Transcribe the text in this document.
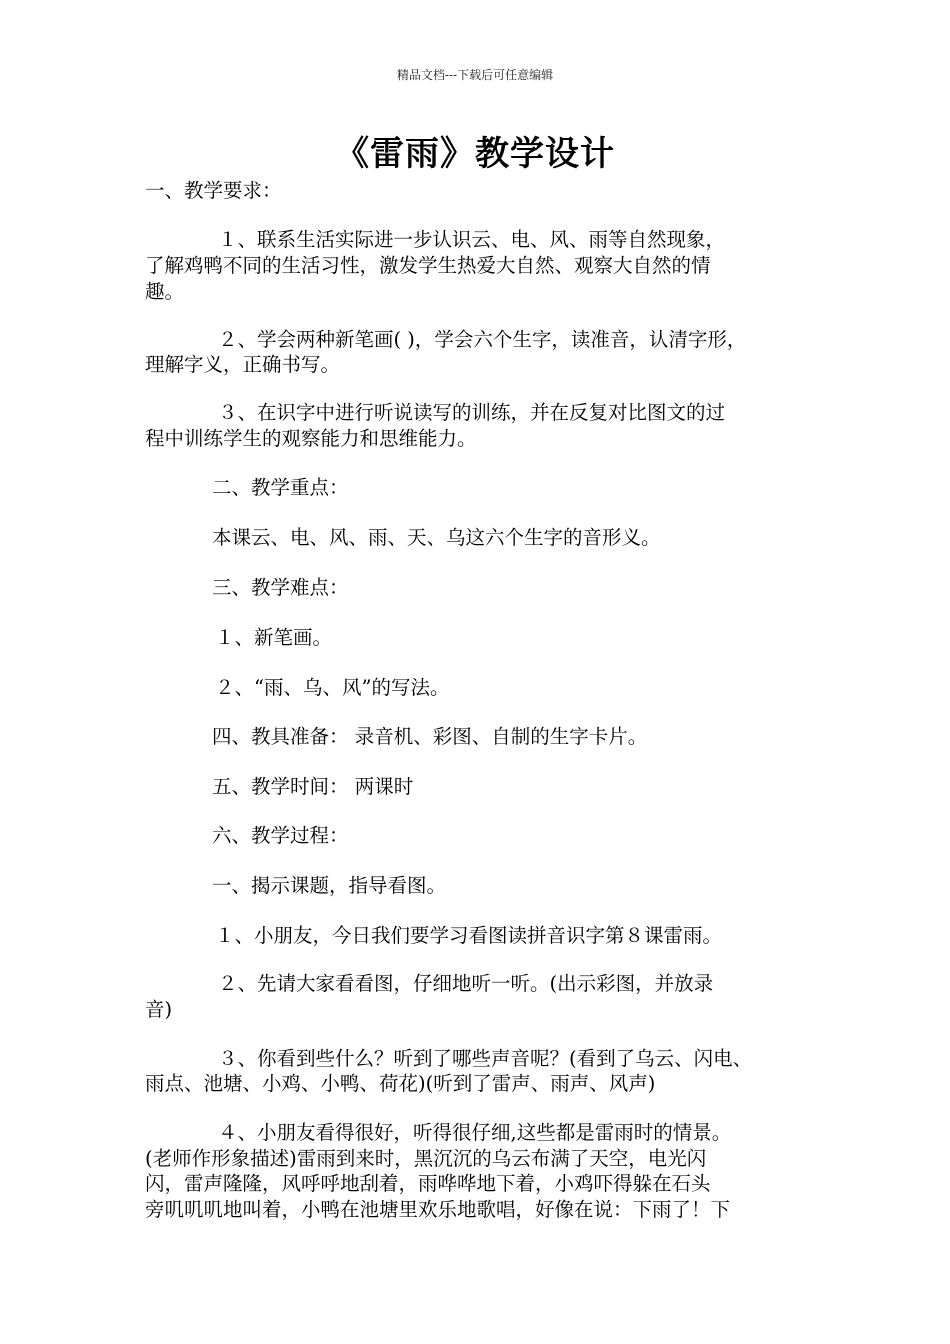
精品文档---下载后可任意编辑
《雷雨》教学设计
一、教学要求：
１、联系生活实际进一步认识云、电、风、雨等自然现象，
了解鸡鸭不同的生活习性，激发学生热爱大自然、观察大自然的情
趣。
２、学会两种新笔画( )，学会六个生字，读准音，认清字形，
理解字义，正确书写。
３、在识字中进行听说读写的训练，并在反复对比图文的过
程中训练学生的观察能力和思维能力。
二、教学重点：
本课云、电、风、雨、天、乌这六个生字的音形义。
三、教学难点：
１、新笔画。
２、“雨、乌、风”的写法。
四、教具准备： 录音机、彩图、自制的生字卡片。
五、教学时间： 两课时
六、教学过程：
一、揭示课题，指导看图。
１、小朋友，今日我们要学习看图读拼音识字第８课雷雨。
２、先请大家看看图，仔细地听一听。(出示彩图，并放录
音)
３、你看到些什么？听到了哪些声音呢？(看到了乌云、闪电、
雨点、池塘、小鸡、小鸭、荷花)(听到了雷声、雨声、风声)
４、小朋友看得很好，听得很仔细,这些都是雷雨时的情景。
(老师作形象描述)雷雨到来时，黑沉沉的乌云布满了天空，电光闪
闪，雷声隆隆，风呼呼地刮着，雨哗哗地下着，小鸡吓得躲在石头
旁叽叽叽地叫着，小鸭在池塘里欢乐地歌唱，好像在说：下雨了！下
